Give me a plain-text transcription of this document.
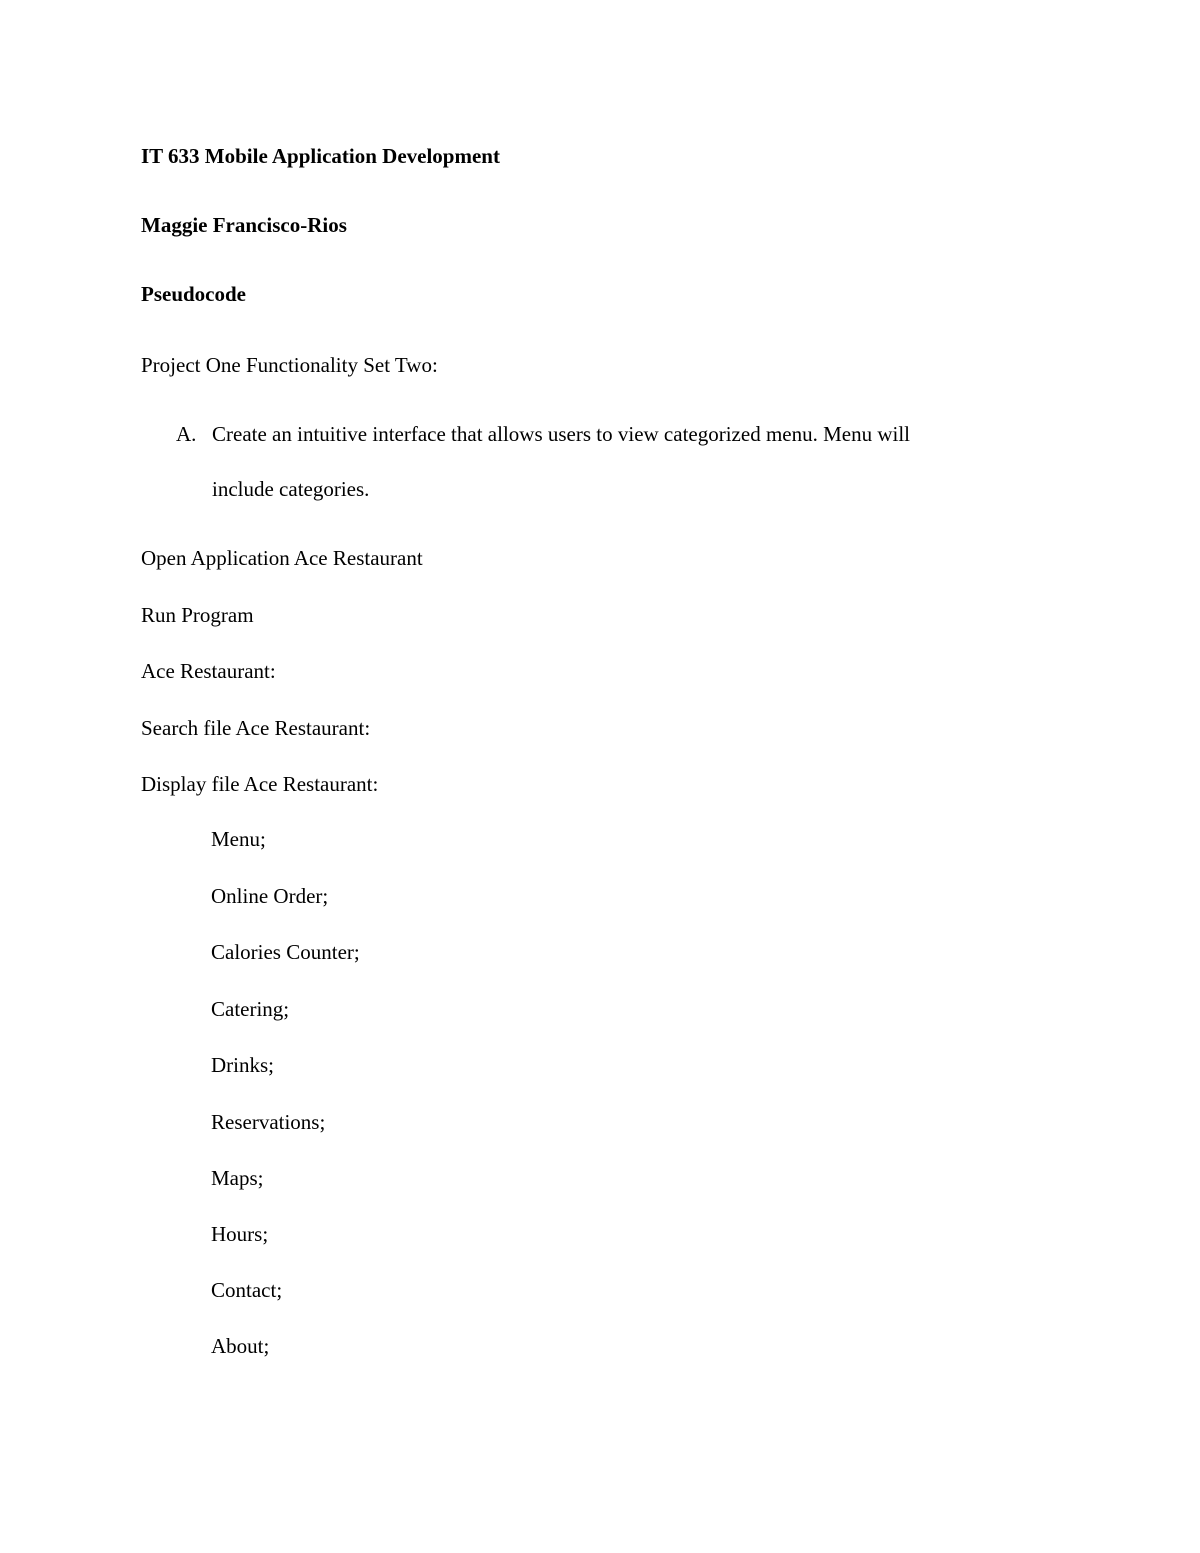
IT 633 Mobile Application Development
Maggie Francisco-Rios
Pseudocode
Project One Functionality Set Two:
A. Create an intuitive interface that allows users to view categorized menu. Menu will
include categories.
Open Application Ace Restaurant
Run Program
Ace Restaurant:
Search file Ace Restaurant:
Display file Ace Restaurant:
Menu;
Online Order;
Calories Counter;
Catering;
Drinks;
Reservations;
Maps;
Hours;
Contact;
About;
